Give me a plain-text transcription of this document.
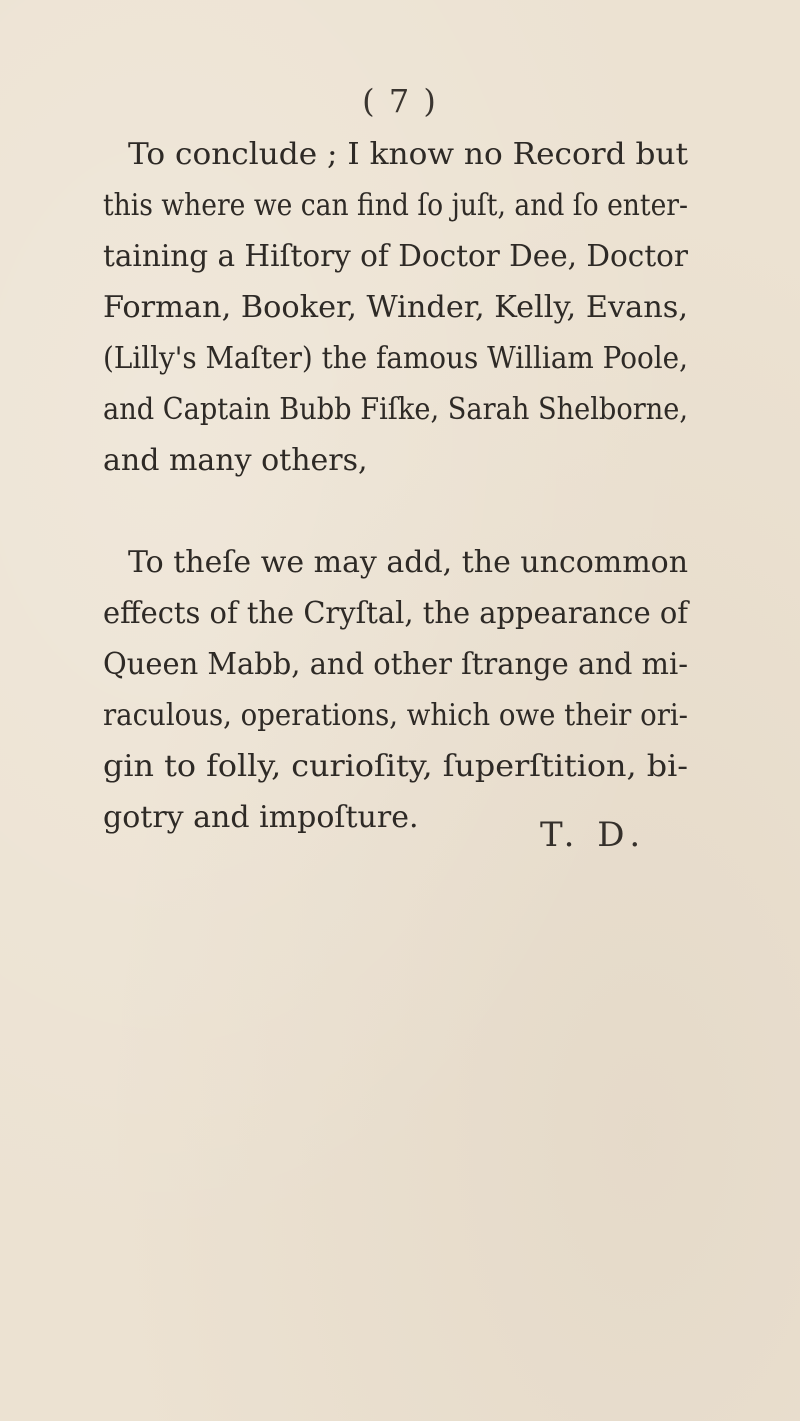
( 7 )
To conclude ; I know no Record but
this where we can find ſo juſt, and ſo enter-
taining a Hiſtory of Doctor Dee, Doctor
Forman, Booker, Winder, Kelly, Evans,
(Lilly's Maſter) the famous William Poole,
and Captain Bubb Fiſke, Sarah Shelborne,
and many others,
To theſe we may add, the uncommon
effects of the Cryſtal, the appearance of
Queen Mabb, and other ſtrange and mi-
raculous, operations, which owe their ori-
gin to folly, curioſity, ſuperſtition, bi-
gotry and impoſture.	T. D.
